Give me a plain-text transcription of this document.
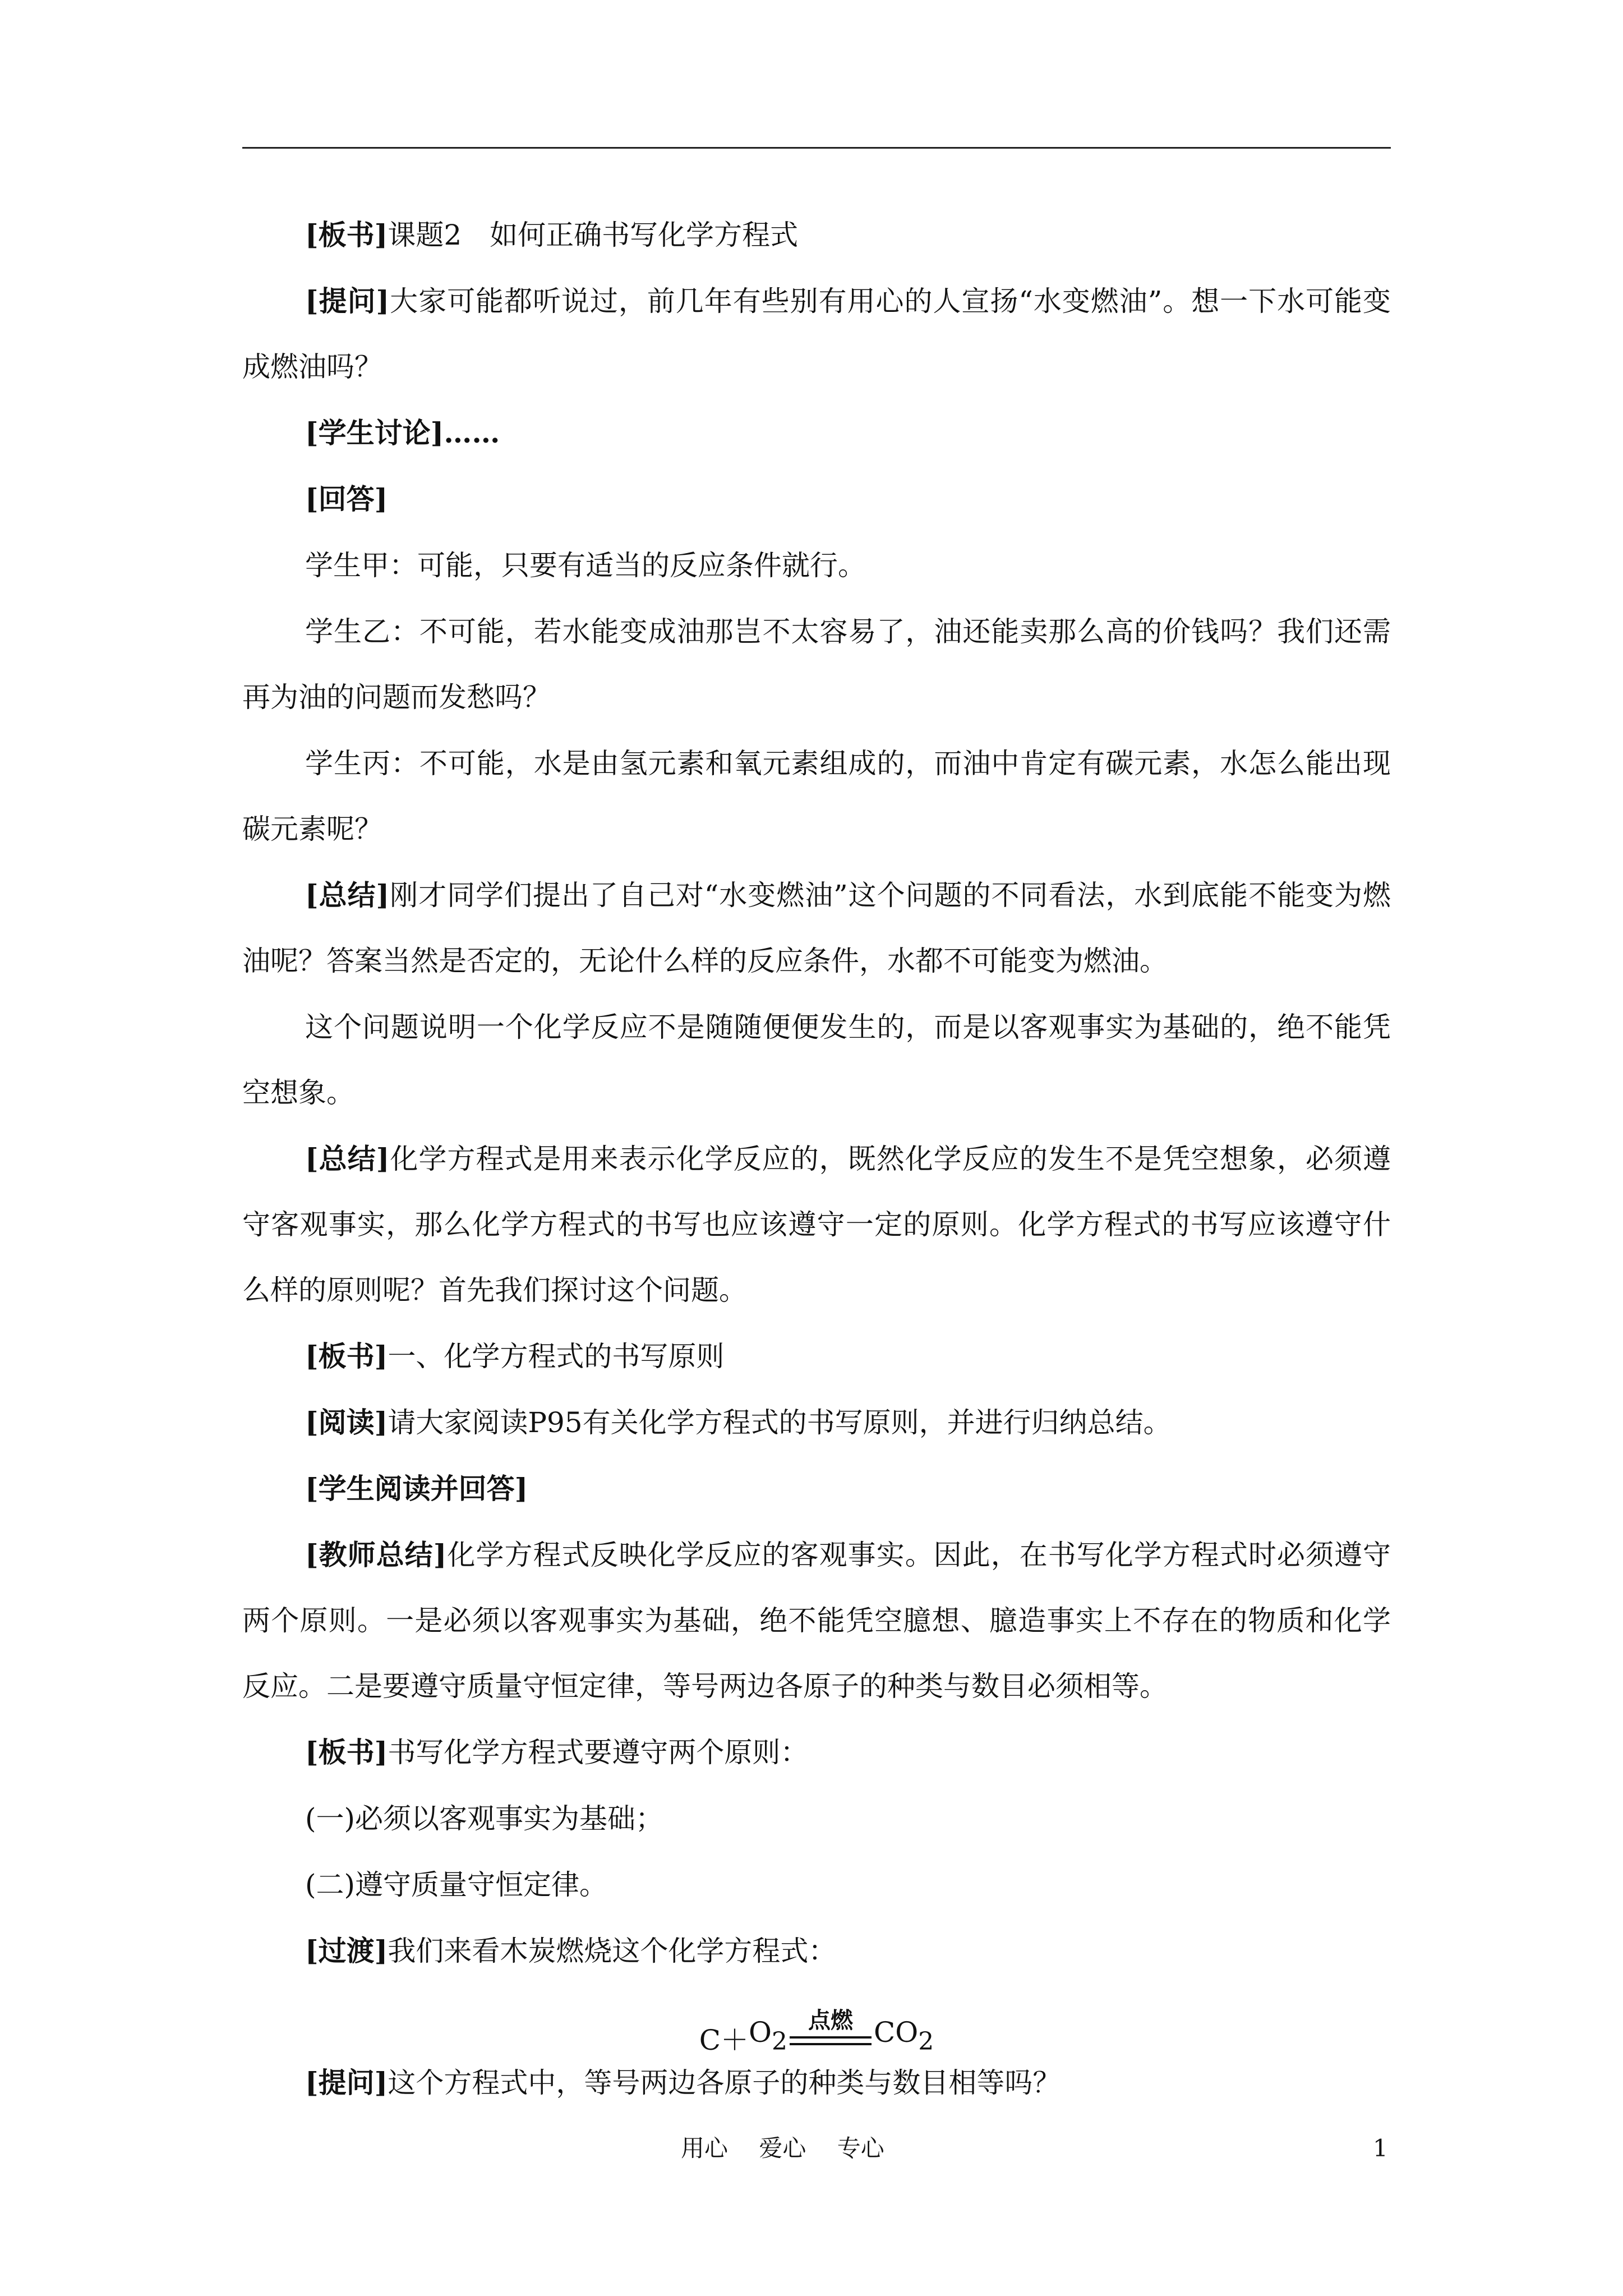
[板书]课题2　如何正确书写化学方程式

[提问]大家可能都听说过，前几年有些别有用心的人宣扬“水变燃油”。想一下水可能变成燃油吗？

[学生讨论]……

[回答]

学生甲：可能，只要有适当的反应条件就行。

学生乙：不可能，若水能变成油那岂不太容易了，油还能卖那么高的价钱吗？我们还需再为油的问题而发愁吗？

学生丙：不可能，水是由氢元素和氧元素组成的，而油中肯定有碳元素，水怎么能出现碳元素呢？

[总结]刚才同学们提出了自己对“水变燃油”这个问题的不同看法，水到底能不能变为燃油呢？答案当然是否定的，无论什么样的反应条件，水都不可能变为燃油。

这个问题说明一个化学反应不是随随便便发生的，而是以客观事实为基础的，绝不能凭空想象。

[总结]化学方程式是用来表示化学反应的，既然化学反应的发生不是凭空想象，必须遵守客观事实，那么化学方程式的书写也应该遵守一定的原则。化学方程式的书写应该遵守什么样的原则呢？首先我们探讨这个问题。

[板书]一、化学方程式的书写原则

[阅读]请大家阅读P95有关化学方程式的书写原则，并进行归纳总结。

[学生阅读并回答]

[教师总结]化学方程式反映化学反应的客观事实。因此，在书写化学方程式时必须遵守两个原则。一是必须以客观事实为基础，绝不能凭空臆想、臆造事实上不存在的物质和化学反应。二是要遵守质量守恒定律，等号两边各原子的种类与数目必须相等。

[板书]书写化学方程式要遵守两个原则：

(一)必须以客观事实为基础；

(二)遵守质量守恒定律。

[过渡]我们来看木炭燃烧这个化学方程式：

$C + O_2$
点燃 $CO_2$

[提问]这个方程式中，等号两边各原子的种类与数目相等吗？

用心　 爱心　 专心	1
